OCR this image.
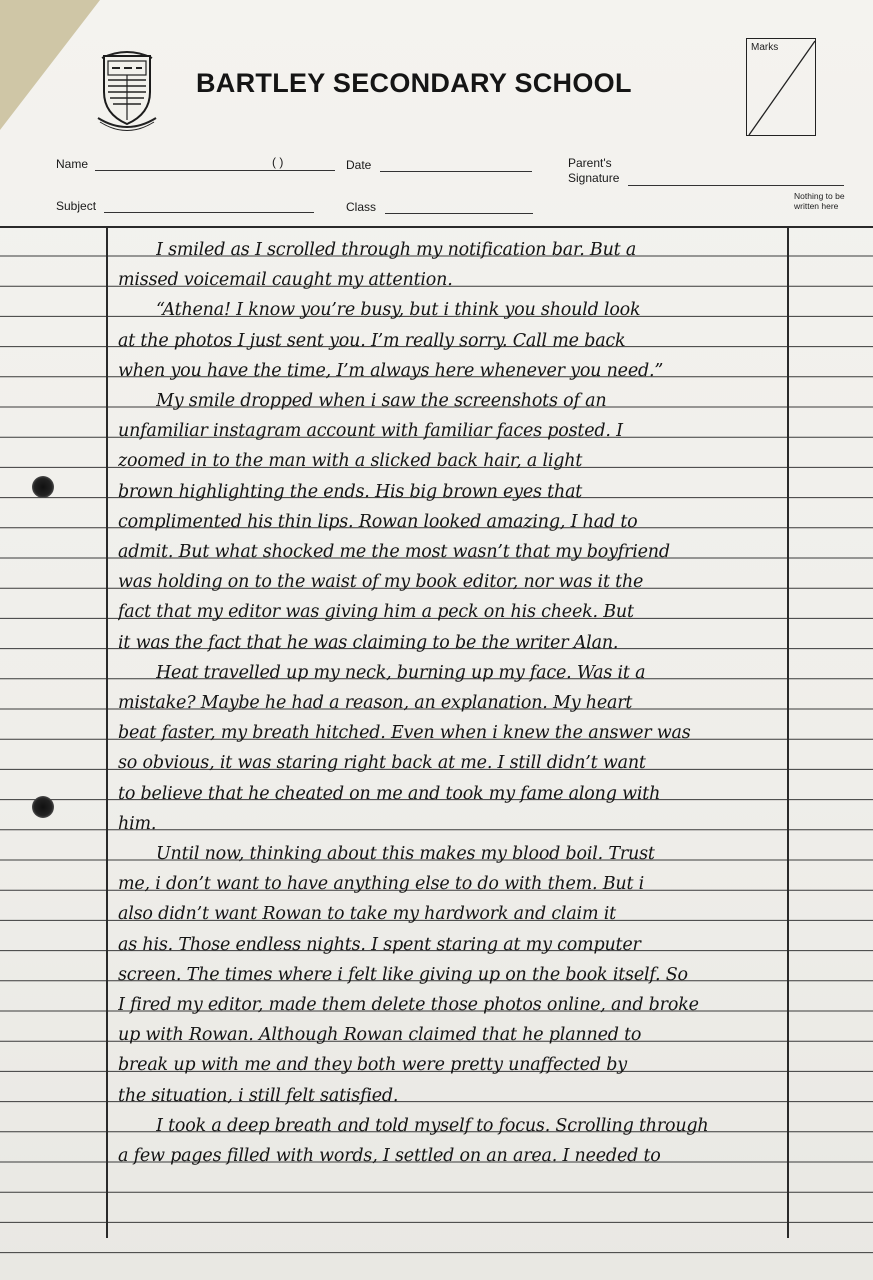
BARTLEY SECONDARY SCHOOL
Marks
Name	( )	Date	Parent's
Signature
Subject	Class
Nothing to be written here
I smiled as I scrolled through my notification bar. But a
missed voicemail caught my attention.
“Athena! I know you’re busy, but i think you should look
at the photos I just sent you. I’m really sorry. Call me back
when you have the time, I’m always here whenever you need.”
My smile dropped when i saw the screenshots of an
unfamiliar instagram account with familiar faces posted. I
zoomed in to the man with a slicked back hair, a light
brown highlighting the ends. His big brown eyes that
complimented his thin lips. Rowan looked amazing, I had to
admit. But what shocked me the most wasn’t that my boyfriend
was holding on to the waist of my book editor, nor was it the
fact that my editor was giving him a peck on his cheek. But
it was the fact that he was claiming to be the writer Alan.
Heat travelled up my neck, burning up my face. Was it a
mistake? Maybe he had a reason, an explanation. My heart
beat faster, my breath hitched. Even when i knew the answer was
so obvious, it was staring right back at me. I still didn’t want
to believe that he cheated on me and took my fame along with
him.
Until now, thinking about this makes my blood boil. Trust
me, i don’t want to have anything else to do with them. But i
also didn’t want Rowan to take my hardwork and claim it
as his. Those endless nights. I spent staring at my computer
screen. The times where i felt like giving up on the book itself. So
I fired my editor, made them delete those photos online, and broke
up with Rowan. Although Rowan claimed that he planned to
break up with me and they both were pretty unaffected by
the situation, i still felt satisfied.
I took a deep breath and told myself to focus. Scrolling through
a few pages filled with words, I settled on an area. I needed to
